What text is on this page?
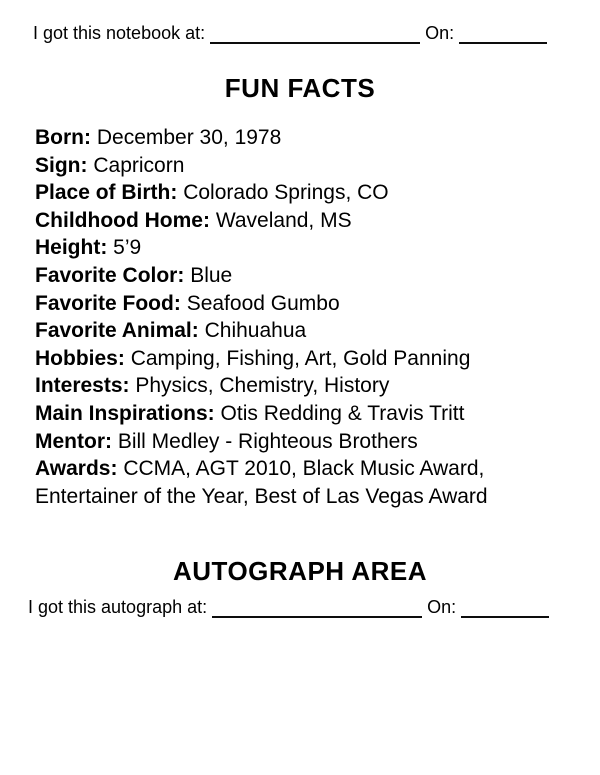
I got this notebook at:	On:
FUN FACTS
Born: December 30, 1978
Sign: Capricorn
Place of Birth: Colorado Springs, CO
Childhood Home: Waveland, MS
Height: 5’9
Favorite Color: Blue
Favorite Food: Seafood Gumbo
Favorite Animal: Chihuahua
Hobbies: Camping, Fishing, Art, Gold Panning
Interests: Physics, Chemistry, History
Main Inspirations: Otis Redding & Travis Tritt
Mentor: Bill Medley - Righteous Brothers
Awards: CCMA, AGT 2010, Black Music Award, Entertainer of the Year, Best of Las Vegas Award
AUTOGRAPH AREA
I got this autograph at:	On:
